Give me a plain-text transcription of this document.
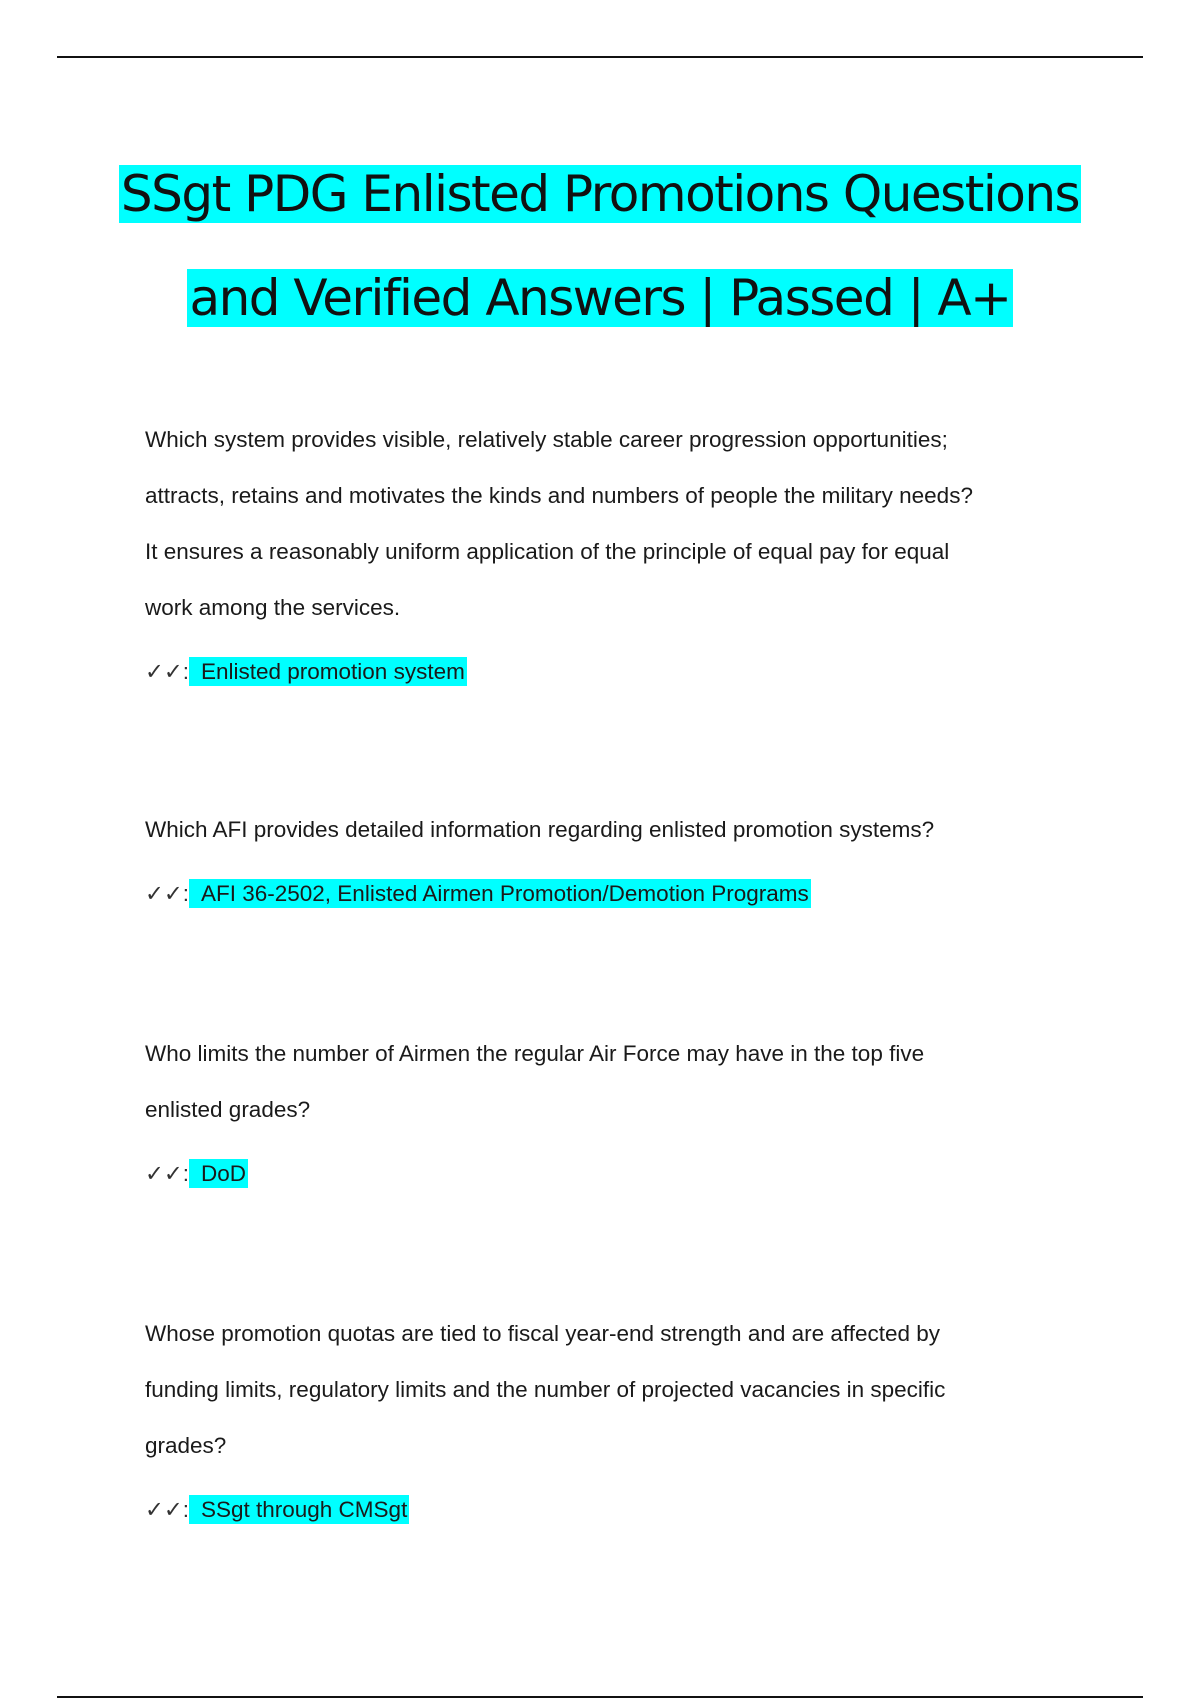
SSgt PDG Enlisted Promotions Questions
and Verified Answers | Passed | A+

Which system provides visible, relatively stable career progression opportunities;
attracts, retains and motivates the kinds and numbers of people the military needs?
It ensures a reasonably uniform application of the principle of equal pay for equal
work among the services.

✓✓: Enlisted promotion system

Which AFI provides detailed information regarding enlisted promotion systems?

✓✓: AFI 36-2502, Enlisted Airmen Promotion/Demotion Programs

Who limits the number of Airmen the regular Air Force may have in the top five
enlisted grades?

✓✓: DoD

Whose promotion quotas are tied to fiscal year-end strength and are affected by
funding limits, regulatory limits and the number of projected vacancies in specific
grades?

✓✓: SSgt through CMSgt
